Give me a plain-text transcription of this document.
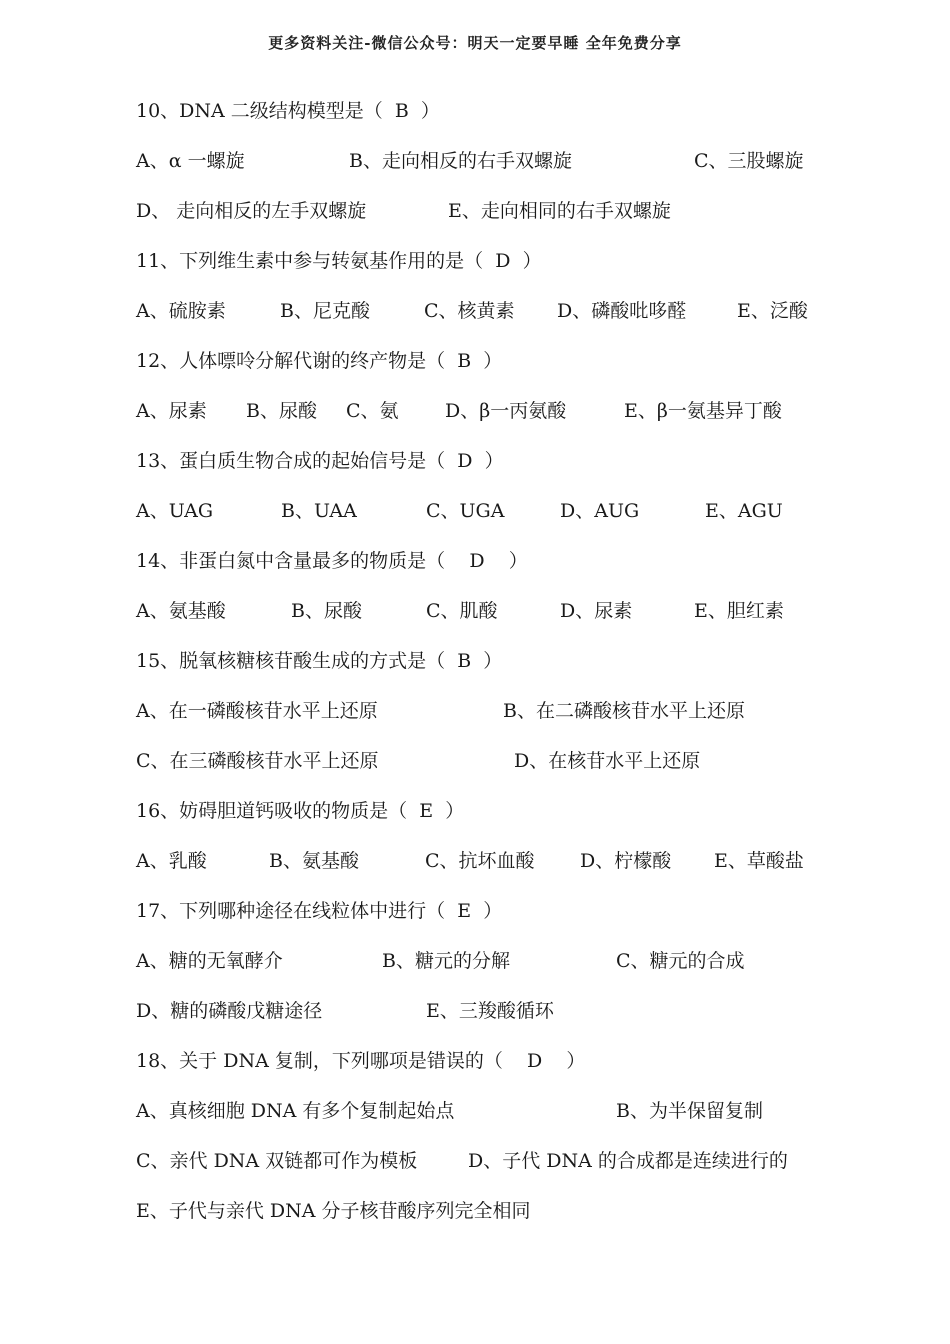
更多资料关注-微信公众号：明天一定要早睡 全年免费分享
10、DNA 二级结构模型是（  B  ）
A、α 一螺旋	B、走向相反的右手双螺旋	C、三股螺旋
D、 走向相反的左手双螺旋	E、走向相同的右手双螺旋
11、下列维生素中参与转氨基作用的是（  D  ）
A、硫胺素	B、尼克酸	C、核黄素 D、磷酸吡哆醛	E、泛酸
12、人体嘌呤分解代谢的终产物是（  B  ）
A、尿素 B、尿酸 C、氨 D、β一丙氨酸	E、β一氨基异丁酸
13、蛋白质生物合成的起始信号是（  D  ）
A、UAG	B、UAA	C、UGA	D、AUG	E、AGU
14、非蛋白氮中含量最多的物质是（    D    ）
A、氨基酸	B、尿酸	C、肌酸	D、尿素	E、胆红素
15、脱氧核糖核苷酸生成的方式是（  B  ）
A、在一磷酸核苷水平上还原	B、在二磷酸核苷水平上还原
C、在三磷酸核苷水平上还原	D、在核苷水平上还原
16、妨碍胆道钙吸收的物质是（  E  ）
A、乳酸	B、氨基酸	C、抗坏血酸 D、柠檬酸 E、草酸盐
17、下列哪种途径在线粒体中进行（  E  ）
A、糖的无氧酵介	B、糖元的分解	C、糖元的合成
D、糖的磷酸戊糖途径	E、三羧酸循环
18、关于 DNA 复制，下列哪项是错误的（    D    ）
A、真核细胞 DNA 有多个复制起始点	B、为半保留复制
C、亲代 DNA 双链都可作为模板	D、子代 DNA 的合成都是连续进行的
E、子代与亲代 DNA 分子核苷酸序列完全相同
